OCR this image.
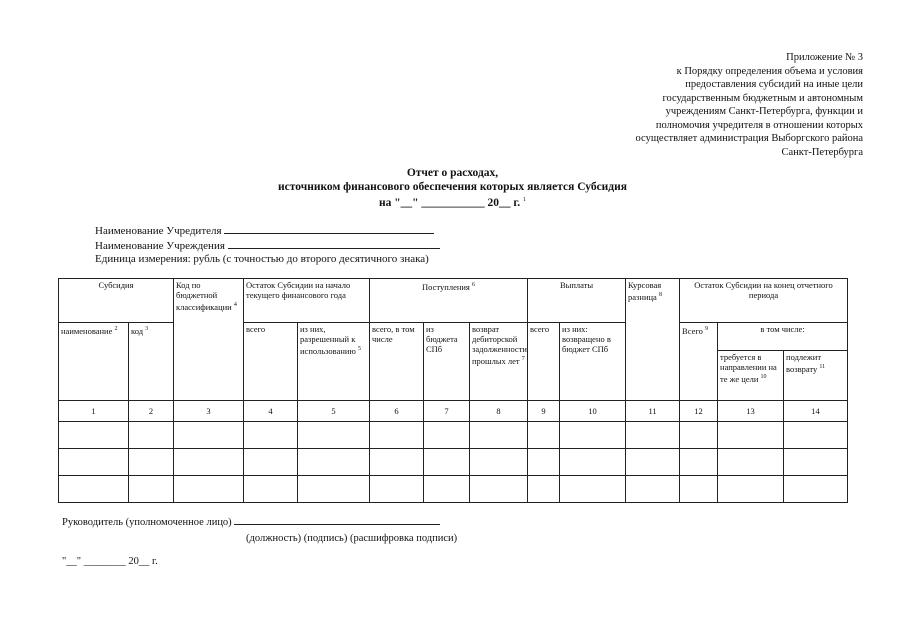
Приложение № 3
к Порядку определения объема и условия
предоставления субсидий на иные цели
государственным бюджетным и автономным
учреждениям Санкт-Петербурга, функции и
полномочия учредителя в отношении которых
осуществляет администрация Выборгского района
Санкт-Петербурга
Отчет о расходах,
источником финансового обеспечения которых является Субсидия
на "__" ___________ 20__ г. $^1$
Наименование Учредителя
Наименование Учреждения
Единица измерения: рубль (с точностью до второго десятичного знака)
Субсидия		Код по бюджетной классификации $^4$	Остаток Субсидии на начало текущего финансового года		Поступления $^6$			Выплаты		Курсовая разница $^8$	Остаток Субсидии на конец отчетного периода		
наименование $^2$	код $^3$		всего	из них, разрешенный к использованию $^5$	всего, в том числе	из бюджета СПб	возврат дебиторской задолженности прошлых лет $^7$	всего	из них: возвращено в бюджет СПб		Всего $^9$	в том числе:	
												требуется в направлении на те же цели $^{10}$	подлежит возврату $^{11}$
1	2	3	4	5	6	7	8	9	10	11	12	13	14

Руководитель (уполномоченное лицо)
(должность) (подпись) (расшифровка подписи)
"__" ________ 20__ г.
